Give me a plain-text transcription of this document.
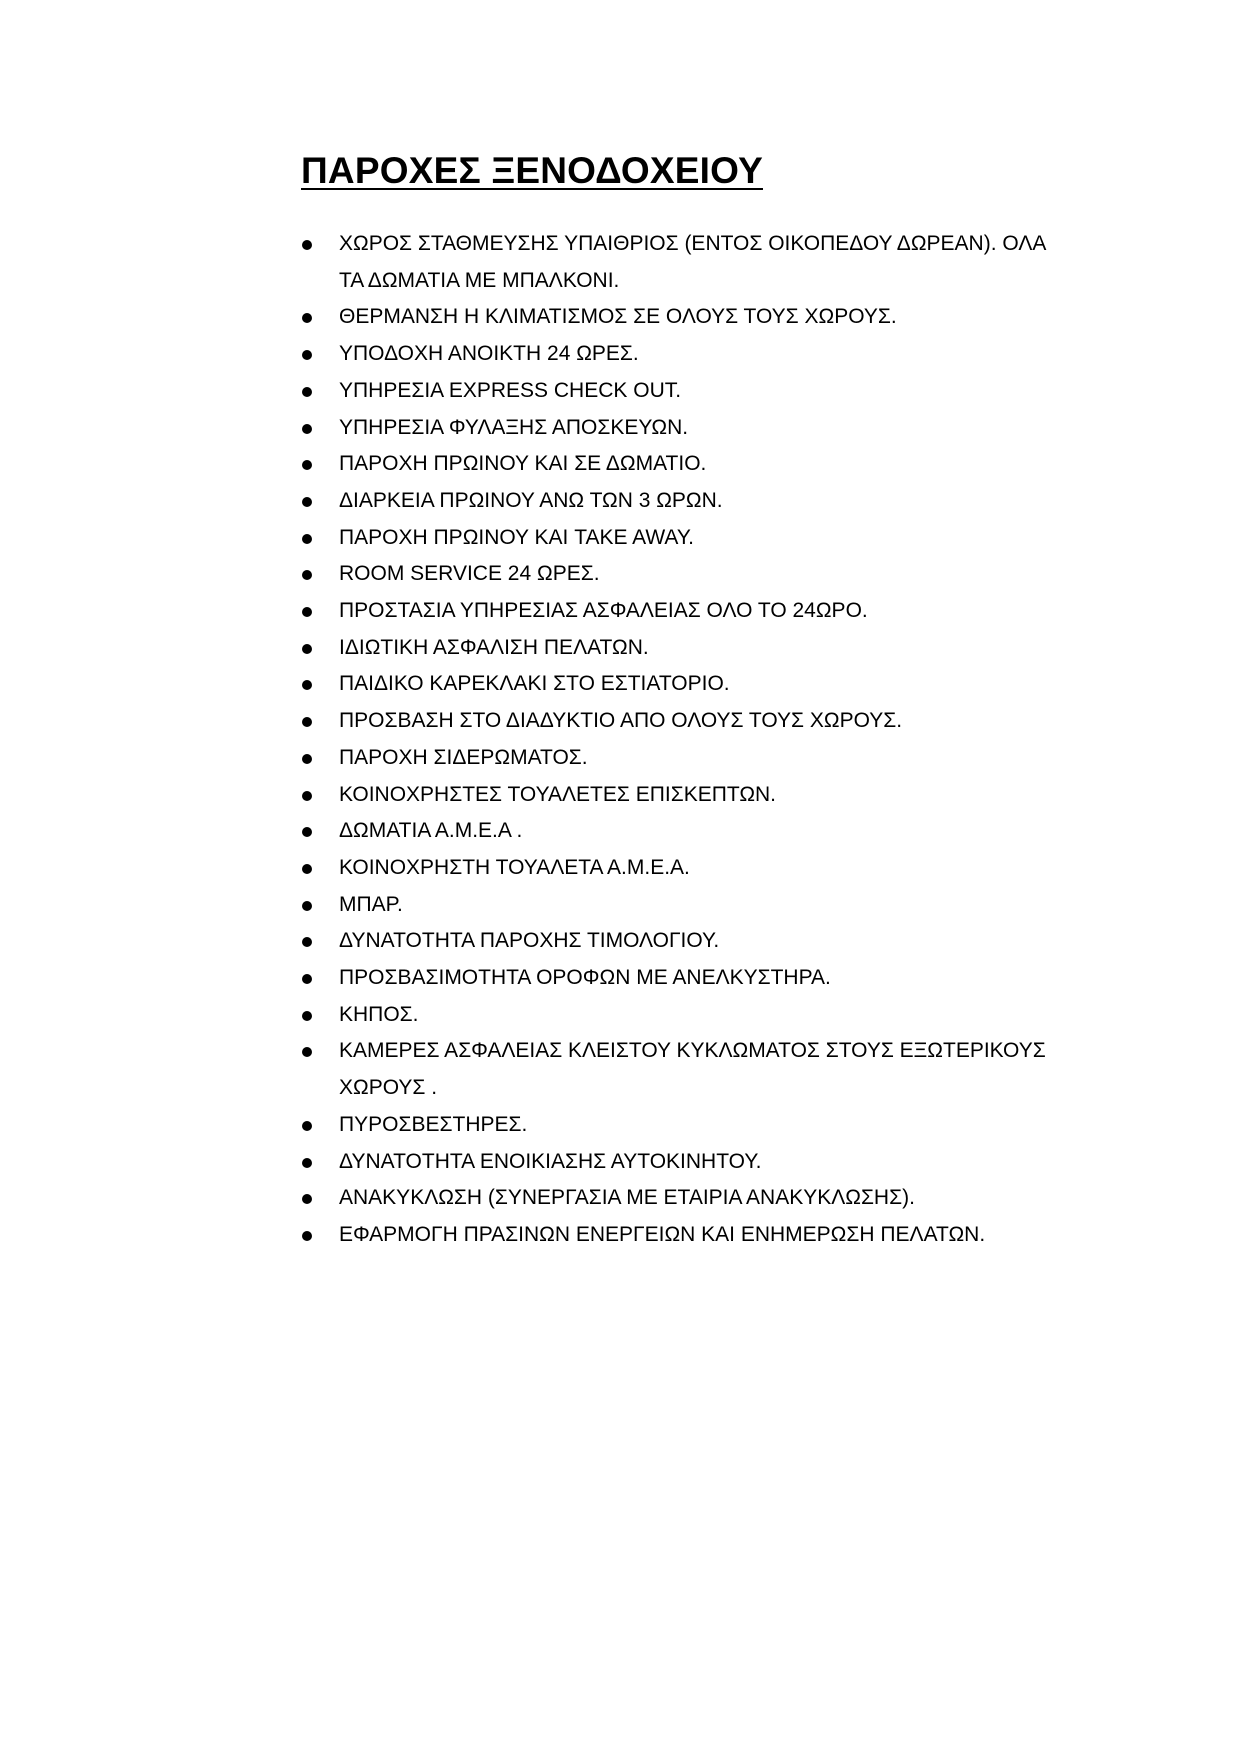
ΠΑΡΟΧΕΣ ΞΕΝΟΔΟΧΕΙΟΥ
ΧΩΡΟΣ ΣΤΑΘΜΕΥΣΗΣ ΥΠΑΙΘΡΙΟΣ (ΕΝΤΟΣ ΟΙΚΟΠΕΔΟΥ ΔΩΡΕΑΝ). ΟΛΑ ΤΑ ΔΩΜΑΤΙΑ ΜΕ ΜΠΑΛΚΟΝΙ.
ΘΕΡΜΑΝΣΗ Η ΚΛΙΜΑΤΙΣΜΟΣ ΣΕ ΟΛΟΥΣ ΤΟΥΣ ΧΩΡΟΥΣ.
ΥΠΟΔΟΧΗ ΑΝΟΙΚΤΗ 24 ΩΡΕΣ.
ΥΠΗΡΕΣΙΑ EXPRESS CHECK OUT.
ΥΠΗΡΕΣΙΑ ΦΥΛΑΞΗΣ ΑΠΟΣΚΕΥΩΝ.
ΠΑΡΟΧΗ ΠΡΩΙΝΟΥ ΚΑΙ ΣΕ ΔΩΜΑΤΙΟ.
ΔΙΑΡΚΕΙΑ ΠΡΩΙΝΟΥ ΑΝΩ ΤΩΝ 3 ΩΡΩΝ.
ΠΑΡΟΧΗ ΠΡΩΙΝΟΥ ΚΑΙ TAKE AWAY.
ROOM SERVICE 24 ΩΡΕΣ.
ΠΡΟΣΤΑΣΙΑ ΥΠΗΡΕΣΙΑΣ ΑΣΦΑΛΕΙΑΣ ΟΛΟ ΤΟ 24ΩΡΟ.
ΙΔΙΩΤΙΚΗ ΑΣΦΑΛΙΣΗ ΠΕΛΑΤΩΝ.
ΠΑΙΔΙΚΟ ΚΑΡΕΚΛΑΚΙ ΣΤΟ ΕΣΤΙΑΤΟΡΙΟ.
ΠΡΟΣΒΑΣΗ ΣΤΟ ΔΙΑΔΥΚΤΙΟ ΑΠΟ ΟΛΟΥΣ ΤΟΥΣ ΧΩΡΟΥΣ.
ΠΑΡΟΧΗ ΣΙΔΕΡΩΜΑΤΟΣ.
ΚΟΙΝΟΧΡΗΣΤΕΣ ΤΟΥΑΛΕΤΕΣ ΕΠΙΣΚΕΠΤΩΝ.
ΔΩΜΑΤΙΑ Α.Μ.Ε.Α .
ΚΟΙΝΟΧΡΗΣΤΗ ΤΟΥΑΛΕΤΑ Α.Μ.Ε.Α.
ΜΠΑΡ.
ΔΥΝΑΤΟΤΗΤΑ ΠΑΡΟΧΗΣ ΤΙΜΟΛΟΓΙΟΥ.
ΠΡΟΣΒΑΣΙΜΟΤΗΤΑ ΟΡΟΦΩΝ ΜΕ ΑΝΕΛΚΥΣΤΗΡΑ.
ΚΗΠΟΣ.
ΚΑΜΕΡΕΣ ΑΣΦΑΛΕΙΑΣ ΚΛΕΙΣΤΟΥ ΚΥΚΛΩΜΑΤΟΣ ΣΤΟΥΣ ΕΞΩΤΕΡΙΚΟΥΣ ΧΩΡΟΥΣ .
ΠΥΡΟΣΒΕΣΤΗΡΕΣ.
ΔΥΝΑΤΟΤΗΤΑ ΕΝΟΙΚΙΑΣΗΣ ΑΥΤΟΚΙΝΗΤΟΥ.
ΑΝΑΚΥΚΛΩΣΗ (ΣΥΝΕΡΓΑΣΙΑ ΜΕ ΕΤΑΙΡΙΑ ΑΝΑΚΥΚΛΩΣΗΣ).
ΕΦΑΡΜΟΓΗ ΠΡΑΣΙΝΩΝ ΕΝΕΡΓΕΙΩΝ ΚΑΙ ΕΝΗΜΕΡΩΣΗ ΠΕΛΑΤΩΝ.
